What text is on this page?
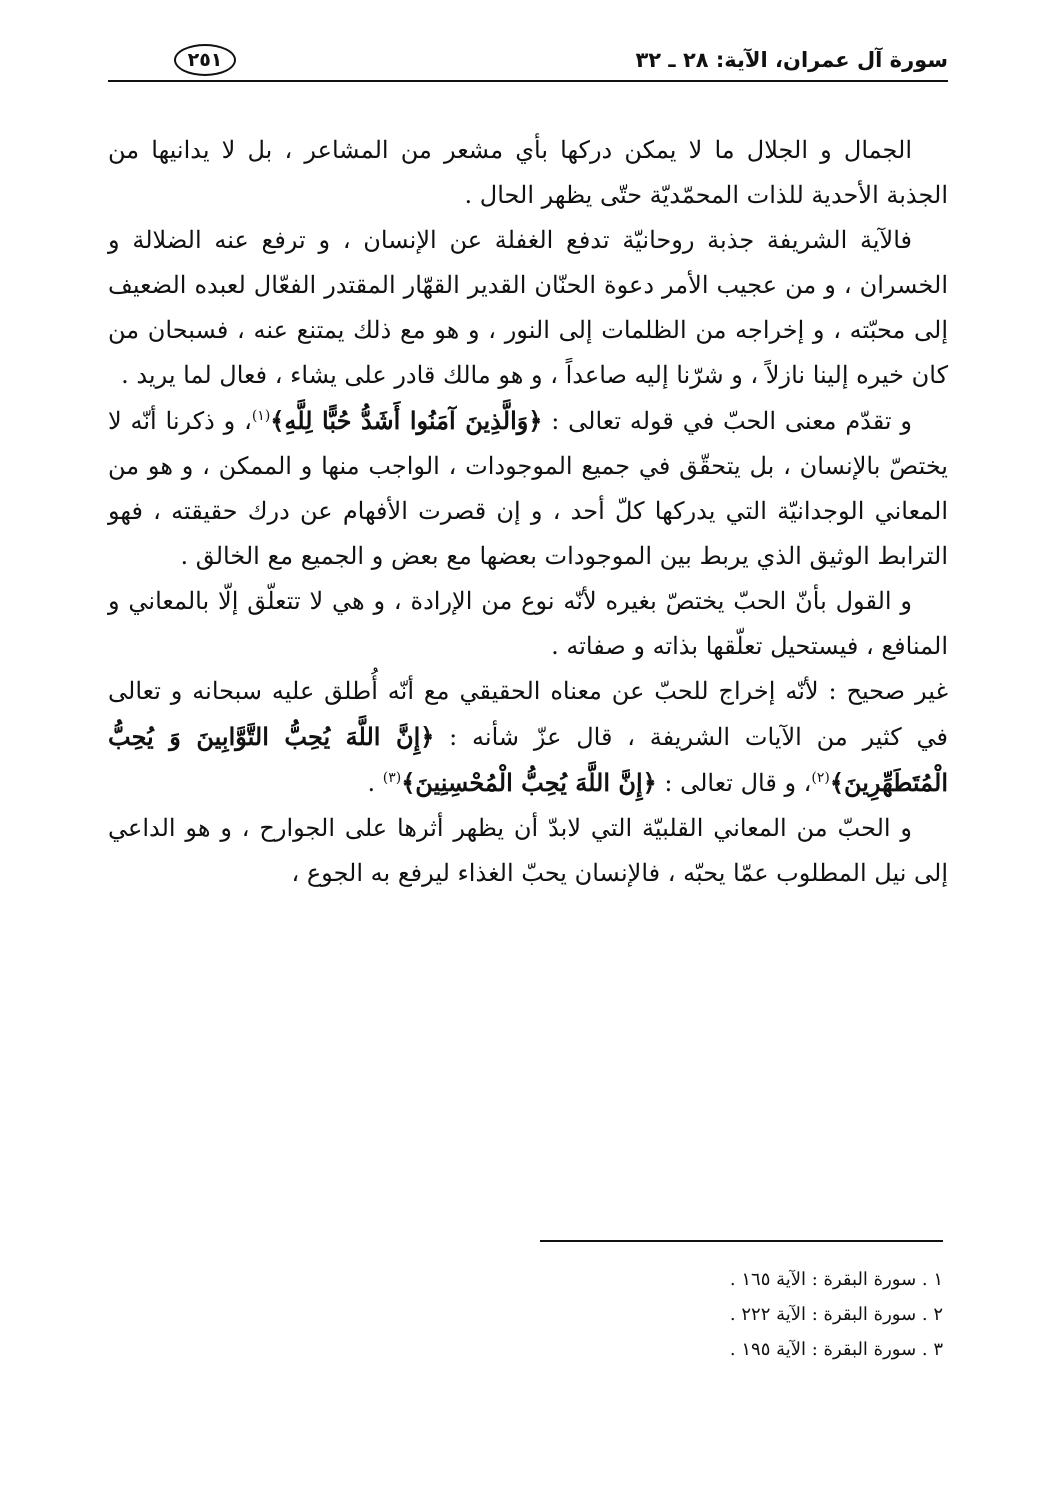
سورة آل عمران، الآية: ٢٨ ـ ٣٢
٢٥١

الجمال و الجلال ما لا يمكن دركها بأي مشعر من المشاعر ، بل لا يدانيها من الجذبة الأحدية للذات المحمّديّة حتّى يظهر الحال .

فالآية الشريفة جذبة روحانيّة تدفع الغفلة عن الإنسان ، و ترفع عنه الضلالة و الخسران ، و من عجيب الأمر دعوة الحنّان القدير القهّار المقتدر الفعّال لعبده الضعيف إلى محبّته ، و إخراجه من الظلمات إلى النور ، و هو مع ذلك يمتنع عنه ، فسبحان من كان خيره إلينا نازلاً ، و شرّنا إليه صاعداً ، و هو مالك قادر على يشاء ، فعال لما يريد .

و تقدّم معنى الحبّ في قوله تعالى : ﴿وَالَّذِينَ آمَنُوا أَشَدُّ حُبًّا لِلَّهِ﴾$^{(١)}$، و ذكرنا أنّه لا يختصّ بالإنسان ، بل يتحقّق في جميع الموجودات ، الواجب منها و الممكن ، و هو من المعاني الوجدانيّة التي يدركها كلّ أحد ، و إن قصرت الأفهام عن درك حقيقته ، فهو الترابط الوثيق الذي يربط بين الموجودات بعضها مع بعض و الجميع مع الخالق .

و القول بأنّ الحبّ يختصّ بغيره لأنّه نوع من الإرادة ، و هي لا تتعلّق إلّا بالمعاني و المنافع ، فيستحيل تعلّقها بذاته و صفاته .

غير صحيح : لأنّه إخراج للحبّ عن معناه الحقيقي مع أنّه أُطلق عليه سبحانه و تعالى في كثير من الآيات الشريفة ، قال عزّ شأنه : ﴿إِنَّ اللَّهَ يُحِبُّ التَّوَّابِينَ وَ يُحِبُّ الْمُتَطَهِّرِينَ﴾$^{(٢)}$، و قال تعالى : ﴿إِنَّ اللَّهَ يُحِبُّ الْمُحْسِنِينَ﴾$^{(٣)}$ .

و الحبّ من المعاني القلبيّة التي لابدّ أن يظهر أثرها على الجوارح ، و هو الداعي إلى نيل المطلوب عمّا يحبّه ، فالإنسان يحبّ الغذاء ليرفع به الجوع ،

١ . سورة البقرة : الآية ١٦٥ .
٢ . سورة البقرة : الآية ٢٢٢ .
٣ . سورة البقرة : الآية ١٩٥ .
